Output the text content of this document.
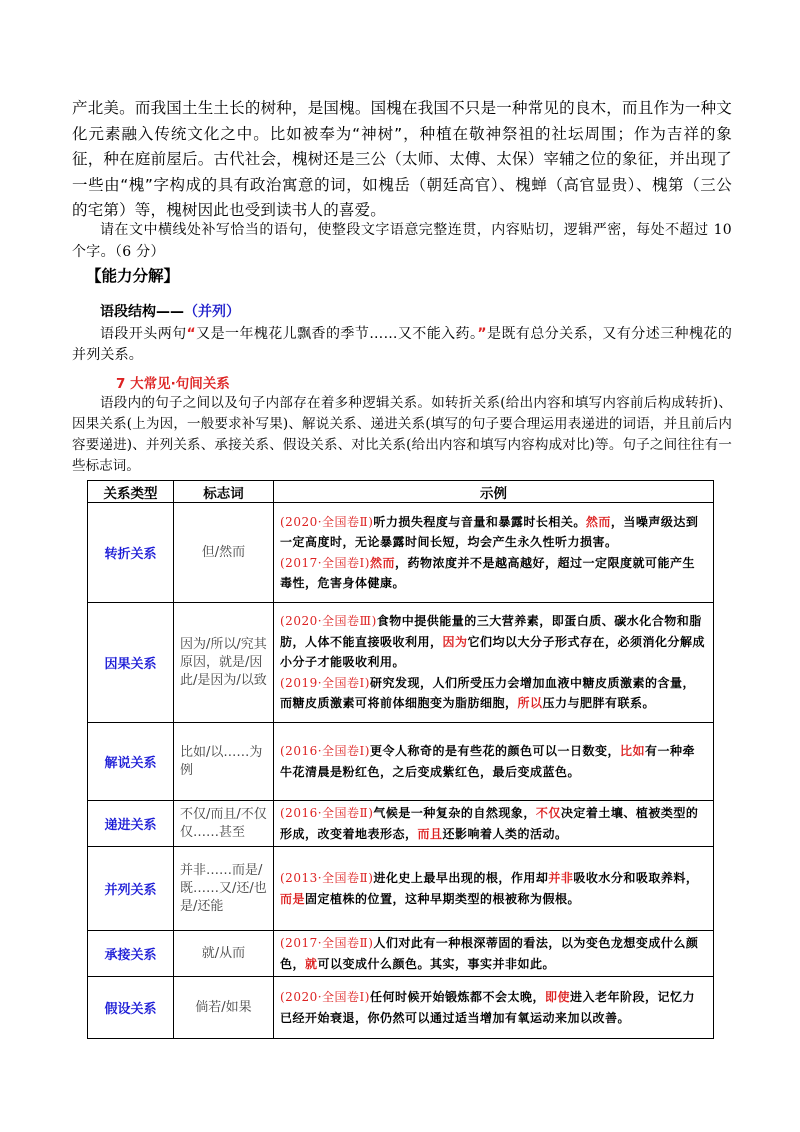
产北美。而我国土生土长的树种，是国槐。国槐在我国不只是一种常见的良木，而且作为一种文化元素融入传统文化之中。比如被奉为“神树”，种植在敬神祭祖的社坛周围；作为吉祥的象征，种在庭前屋后。古代社会，槐树还是三公（太师、太傅、太保）宰辅之位的象征，并出现了一些由“槐”字构成的具有政治寓意的词，如槐岳（朝廷高官）、槐蝉（高官显贵）、槐第（三公的宅第）等，槐树因此也受到读书人的喜爱。
请在文中横线处补写恰当的语句，使整段文字语意完整连贯，内容贴切，逻辑严密，每处不超过 10 个字。（6 分）
【能力分解】
语段结构——（并列）
语段开头两句“又是一年槐花儿飘香的季节……又不能入药。”是既有总分关系，又有分述三种槐花的并列关系。
7 大常见·句间关系
语段内的句子之间以及句子内部存在着多种逻辑关系。如转折关系(给出内容和填写内容前后构成转折)、因果关系(上为因，一般要求补写果)、解说关系、递进关系(填写的句子要合理运用表递进的词语，并且前后内容要递进)、并列关系、承接关系、假设关系、对比关系(给出内容和填写内容构成对比)等。句子之间往往有一些标志词。
关系类型	标志词	示例
转折关系	但/然而	(2020·全国卷Ⅱ)听力损失程度与音量和暴露时长相关。然而，当噪声级达到一定高度时，无论暴露时间长短，均会产生永久性听力损害。
(2017·全国卷Ⅰ)然而，药物浓度并不是越高越好，超过一定限度就可能产生毒性，危害身体健康。

因果关系	因为/所以/究其原因，就是/因此/是因为/以致	(2020·全国卷Ⅲ)食物中提供能量的三大营养素，即蛋白质、碳水化合物和脂肪，人体不能直接吸收利用，因为它们均以大分子形式存在，必须消化分解成小分子才能吸收利用。
(2019·全国卷Ⅰ)研究发现，人们所受压力会增加血液中糖皮质激素的含量，而糖皮质激素可将前体细胞变为脂肪细胞，所以压力与肥胖有联系。

解说关系	比如/以……为例	(2016·全国卷Ⅰ)更令人称奇的是有些花的颜色可以一日数变，比如有一种牵牛花清晨是粉红色，之后变成紫红色，最后变成蓝色。

递进关系	不仅/而且/不仅仅……甚至	(2016·全国卷Ⅱ)气候是一种复杂的自然现象，不仅决定着土壤、植被类型的形成，改变着地表形态，而且还影响着人类的活动。

并列关系	并非……而是/既……又/还/也是/还能	(2013·全国卷Ⅱ)进化史上最早出现的根，作用却并非吸收水分和吸取养料，而是固定植株的位置，这种早期类型的根被称为假根。

承接关系	就/从而	(2017·全国卷Ⅱ)人们对此有一种根深蒂固的看法，以为变色龙想变成什么颜色，就可以变成什么颜色。其实，事实并非如此。

假设关系	倘若/如果	(2020·全国卷Ⅰ)任何时候开始锻炼都不会太晚，即使进入老年阶段，记忆力已经开始衰退，你仍然可以通过适当增加有氧运动来加以改善。
